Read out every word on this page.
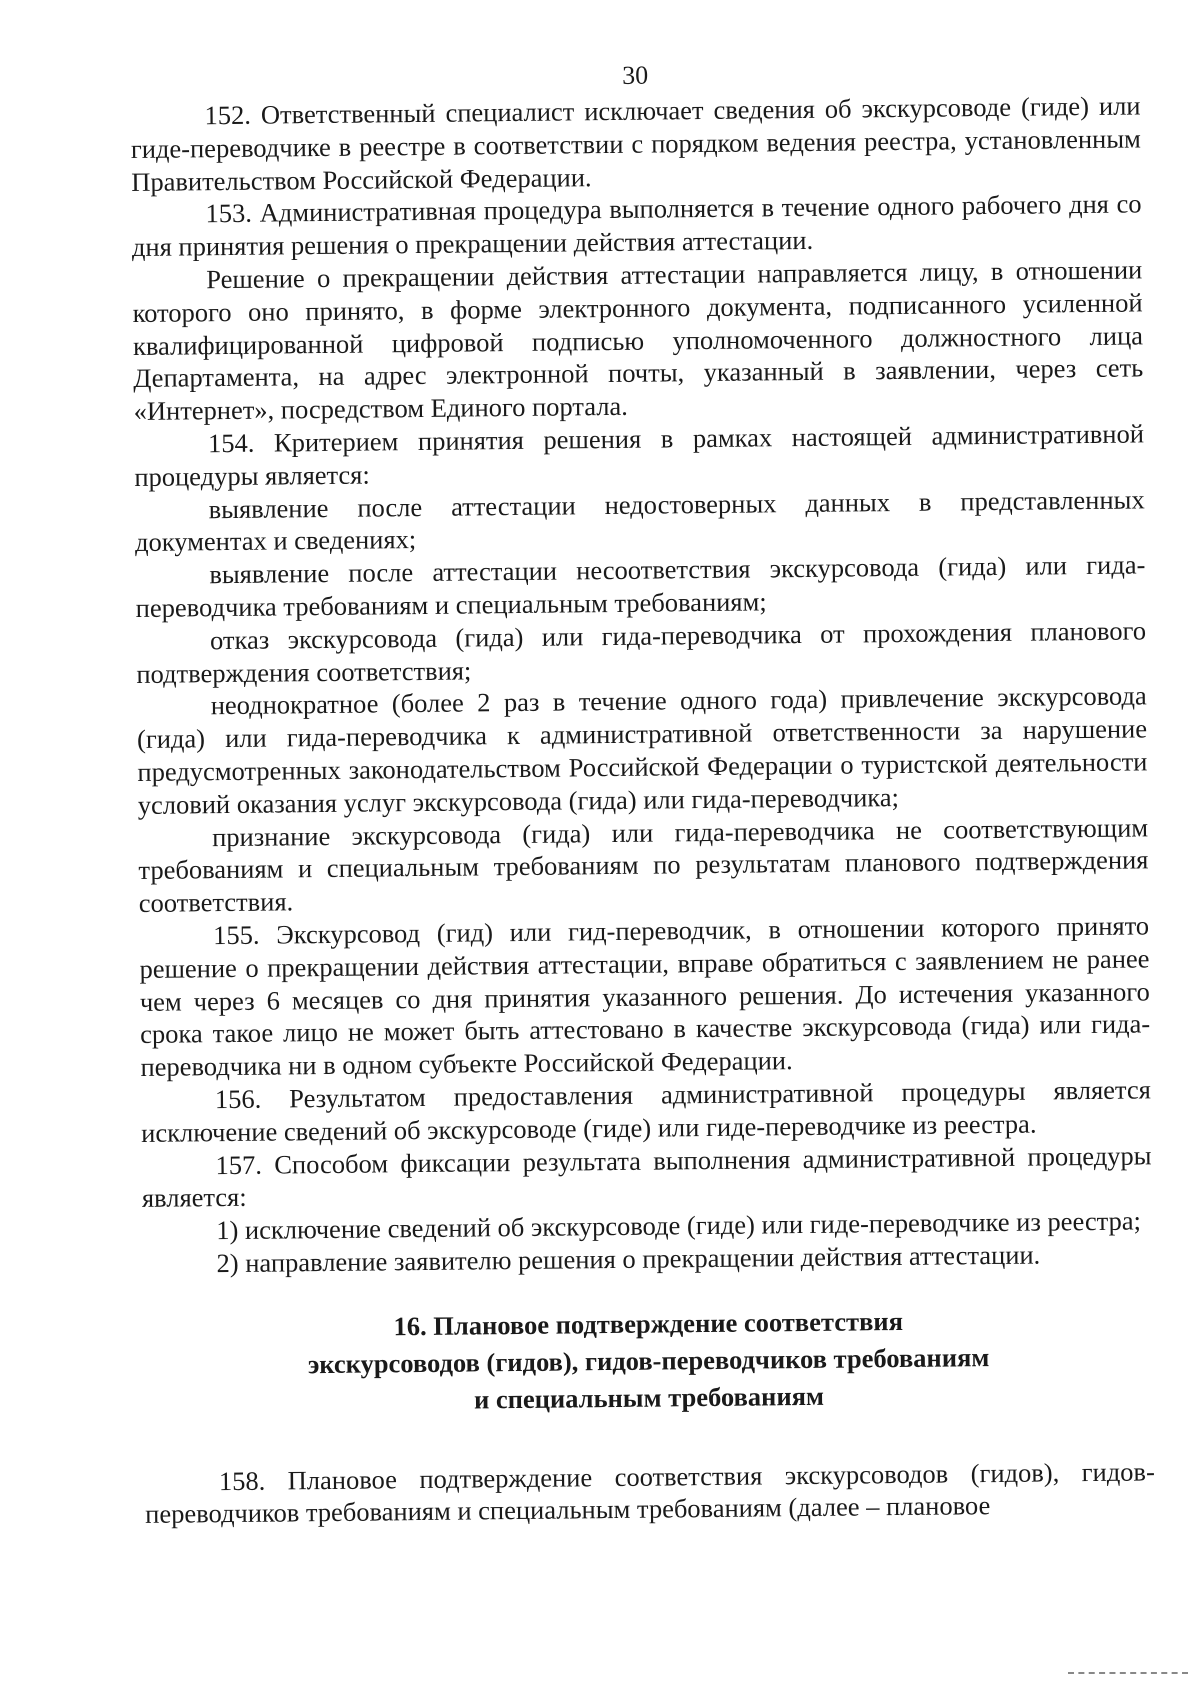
30

152. Ответственный специалист исключает сведения об экскурсоводе (гиде) или гиде-переводчике в реестре в соответствии с порядком ведения реестра, установленным Правительством Российской Федерации.

153. Административная процедура выполняется в течение одного рабочего дня со дня принятия решения о прекращении действия аттестации.

Решение о прекращении действия аттестации направляется лицу, в отношении которого оно принято, в форме электронного документа, подписанного усиленной квалифицированной цифровой подписью уполномоченного должностного лица Департамента, на адрес электронной почты, указанный в заявлении, через сеть «Интернет», посредством Единого портала.

154. Критерием принятия решения в рамках настоящей административной процедуры является:

выявление после аттестации недостоверных данных в представленных документах и сведениях;

выявление после аттестации несоответствия экскурсовода (гида) или гида-переводчика требованиям и специальным требованиям;

отказ экскурсовода (гида) или гида-переводчика от прохождения планового подтверждения соответствия;

неоднократное (более 2 раз в течение одного года) привлечение экскурсовода (гида) или гида-переводчика к административной ответственности за нарушение предусмотренных законодательством Российской Федерации о туристской деятельности условий оказания услуг экскурсовода (гида) или гида-переводчика;

признание экскурсовода (гида) или гида-переводчика не соответствующим требованиям и специальным требованиям по результатам планового подтверждения соответствия.

155. Экскурсовод (гид) или гид-переводчик, в отношении которого принято решение о прекращении действия аттестации, вправе обратиться с заявлением не ранее чем через 6 месяцев со дня принятия указанного решения. До истечения указанного срока такое лицо не может быть аттестовано в качестве экскурсовода (гида) или гида-переводчика ни в одном субъекте Российской Федерации.

156. Результатом предоставления административной процедуры является исключение сведений об экскурсоводе (гиде) или гиде-переводчике из реестра.

157. Способом фиксации результата выполнения административной процедуры является:

1) исключение сведений об экскурсоводе (гиде) или гиде-переводчике из реестра;

2) направление заявителю решения о прекращении действия аттестации.

16. Плановое подтверждение соответствия
экскурсоводов (гидов), гидов-переводчиков требованиям
и специальным требованиям

158. Плановое подтверждение соответствия экскурсоводов (гидов), гидов-переводчиков требованиям и специальным требованиям (далее – плановое
